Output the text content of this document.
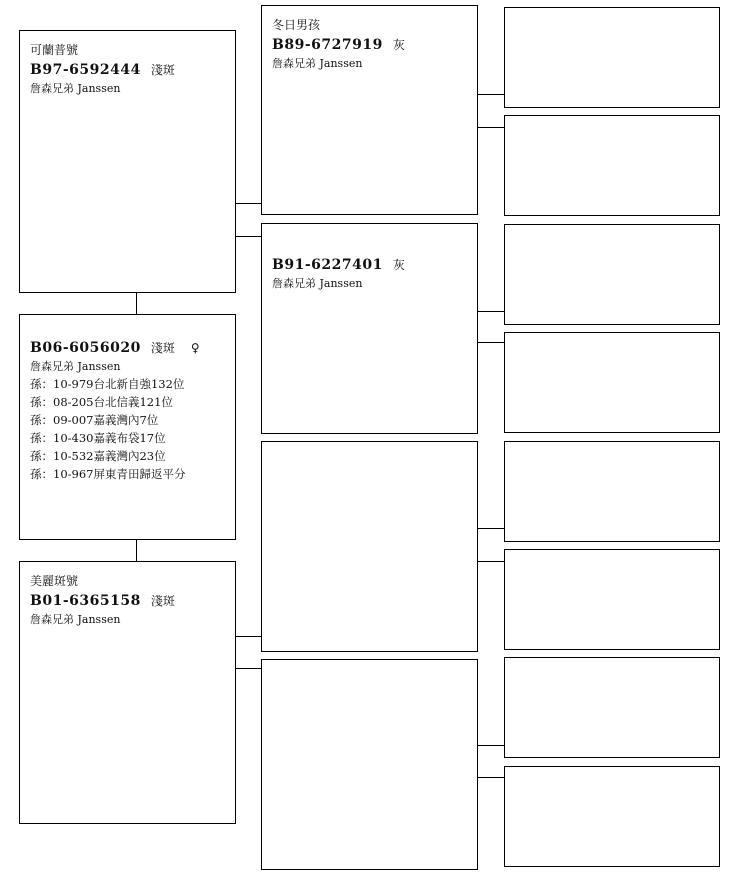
可蘭普號
B97-6592444 淺斑
詹森兄弟 Janssen
B06-6056020 淺斑 ♀
詹森兄弟 Janssen
孫：10-979台北新自強132位
孫：08-205台北信義121位
孫：09-007嘉義灣內7位
孫：10-430嘉義布袋17位
孫：10-532嘉義灣內23位
孫：10-967屏東青田歸返平分
美麗斑號
B01-6365158 淺斑
詹森兄弟 Janssen
冬日男孩
B89-6727919 灰
詹森兄弟 Janssen
B91-6227401 灰
詹森兄弟 Janssen
